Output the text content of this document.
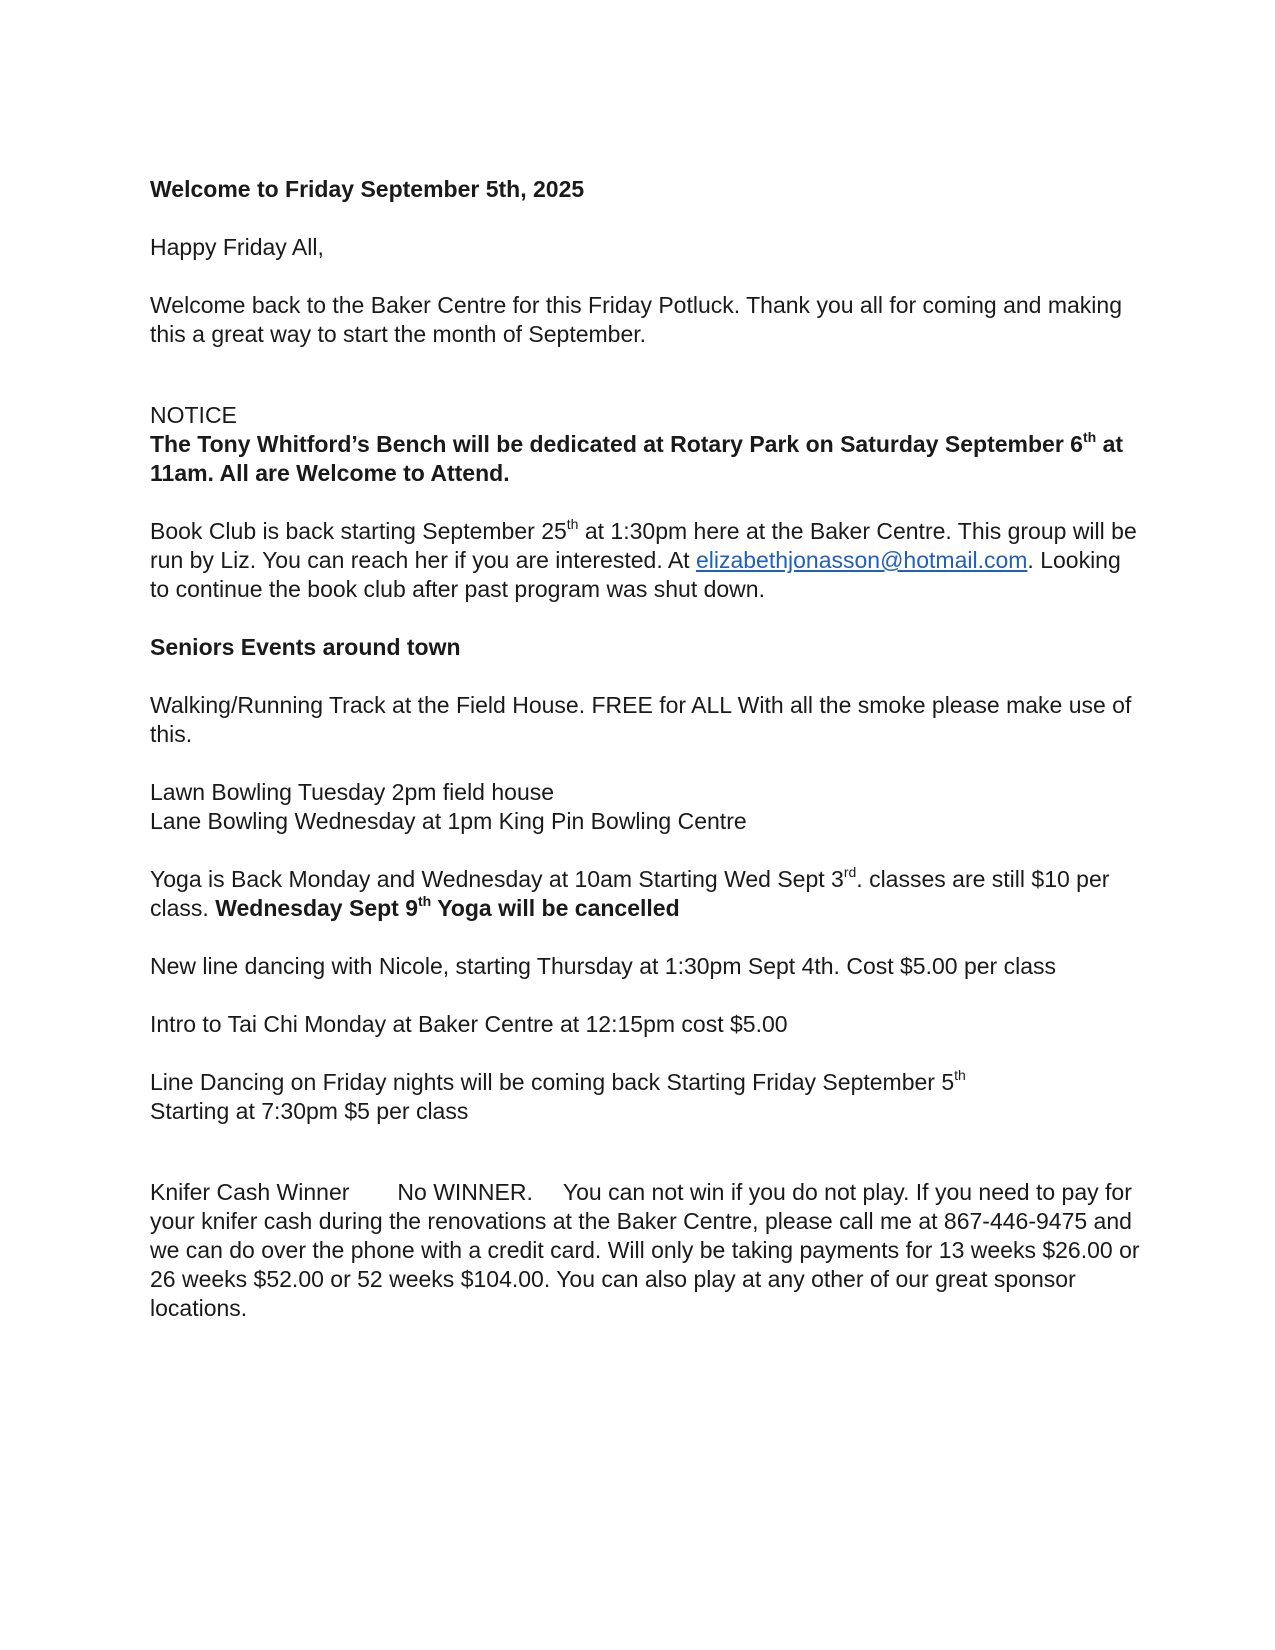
Welcome to Friday September 5th, 2025

Happy Friday All,

Welcome back to the Baker Centre for this Friday Potluck. Thank you all for coming and making this a great way to start the month of September.

NOTICE

The Tony Whitford’s Bench will be dedicated at Rotary Park on Saturday September 6th at 11am. All are Welcome to Attend.

Book Club is back starting September 25th at 1:30pm here at the Baker Centre. This group will be run by Liz. You can reach her if you are interested. At elizabethjonasson@hotmail.com. Looking to continue the book club after past program was shut down.

Seniors Events around town

Walking/Running Track at the Field House. FREE for ALL With all the smoke please make use of this.

Lawn Bowling Tuesday 2pm field house

Lane Bowling Wednesday at 1pm King Pin Bowling Centre

Yoga is Back Monday and Wednesday at 10am Starting Wed Sept 3rd. classes are still $10 per class. Wednesday Sept 9th Yoga will be cancelled

New line dancing with Nicole, starting Thursday at 1:30pm Sept 4th. Cost $5.00 per class

Intro to Tai Chi Monday at Baker Centre at 12:15pm cost $5.00

Line Dancing on Friday nights will be coming back Starting Friday September 5th
Starting at 7:30pm $5 per class

Knifer Cash Winner No WINNER. You can not win if you do not play. If you need to pay for your knifer cash during the renovations at the Baker Centre, please call me at 867-446-9475 and we can do over the phone with a credit card. Will only be taking payments for 13 weeks $26.00 or 26 weeks $52.00 or 52 weeks $104.00. You can also play at any other of our great sponsor locations.
